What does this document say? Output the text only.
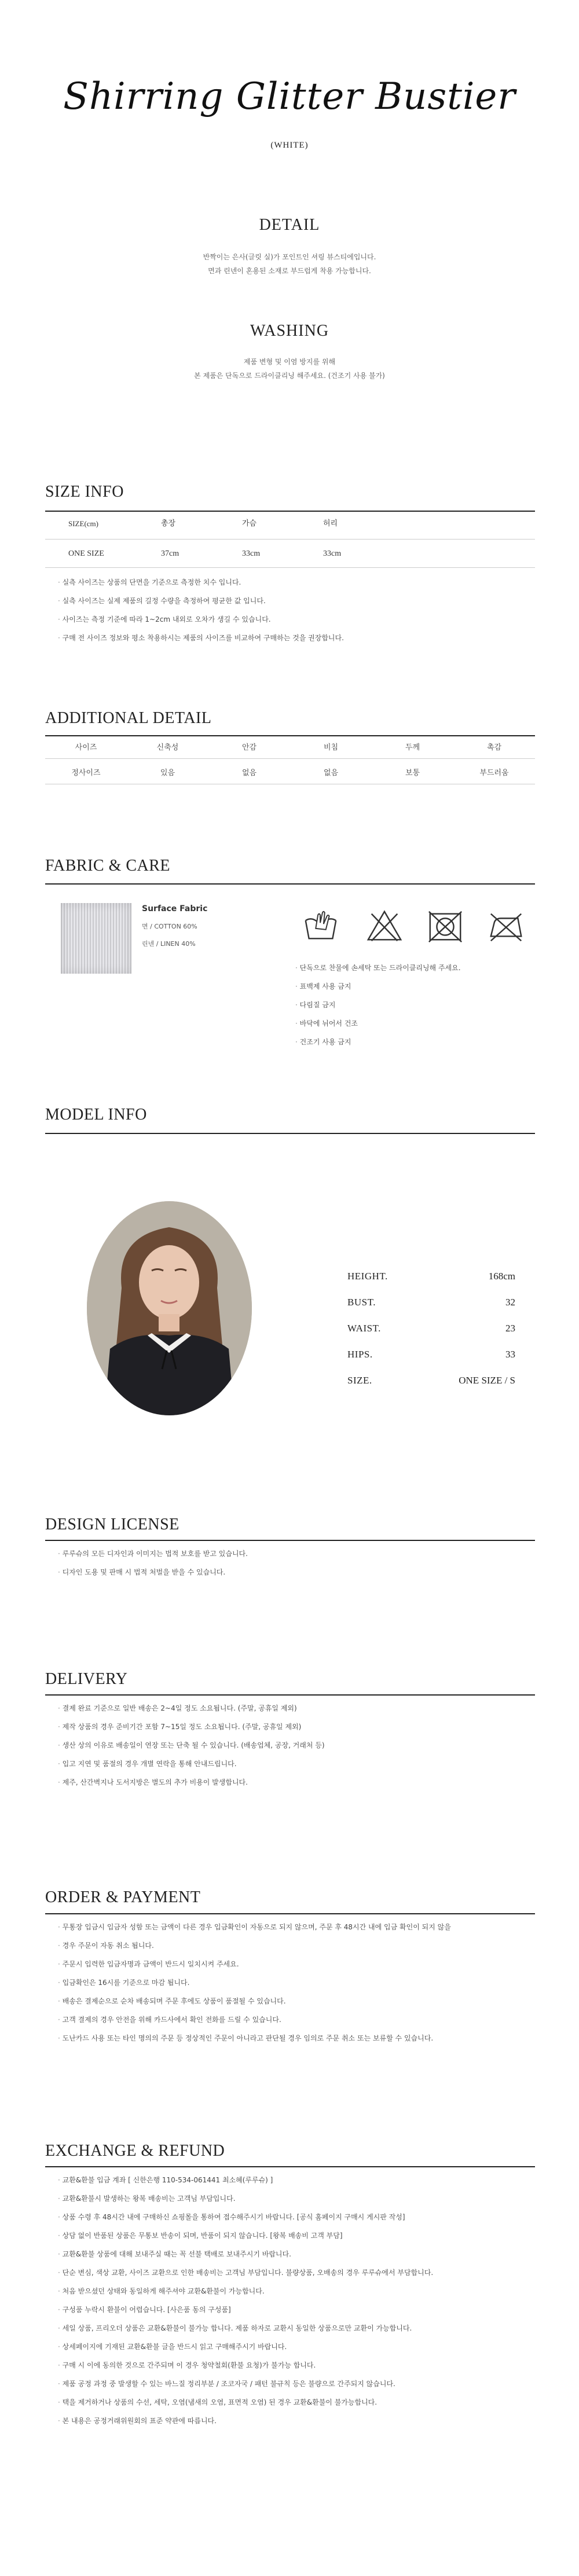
Shirring Glitter Bustier
(WHITE)
DETAIL
반짝이는 은사(글릿 실)가 포인트인 셔링 뷰스티에입니다.
면과 린넨이 혼용된 소재로 부드럽게 착용 가능합니다.
WASHING
제품 변형 및 이염 방지를 위해
본 제품은 단독으로 드라이클리닝 해주세요. (건조기 사용 불가)
SIZE INFO
SIZE(cm)	총장	가슴	허리
ONE SIZE	37cm	33cm	33cm
· 실측 사이즈는 상품의 단면을 기준으로 측정한 치수 입니다.
· 실측 사이즈는 실제 제품의 길정 수량을 측정하여 평균한 값 입니다.
· 사이즈는 측정 기준에 따라 1~2cm 내외로 오차가 생길 수 있습니다.
· 구매 전 사이즈 정보와 평소 착용하시는 제품의 사이즈를 비교하여 구매하는 것을 권장합니다.
ADDITIONAL DETAIL
사이즈	신축성	안감	비침	두께	촉감
정사이즈	있음	없음	없음	보통	부드러움
FABRIC & CARE
Surface Fabric
면 / COTTON 60%
린넨 / LINEN 40%
· 단독으로 찬물에 손세탁 또는 드라이클리닝해 주세요.
· 표백제 사용 금지
· 다림질 금지
· 바닥에 뉘어서 건조
· 건조기 사용 금지
MODEL INFO
HEIGHT.	168cm
BUST.	32
WAIST.	23
HIPS.	33
SIZE.	ONE SIZE / S
DESIGN LICENSE
· 루루슈의 모든 디자인과 이미지는 법적 보호를 받고 있습니다.
· 디자인 도용 및 판매 시 법적 처벌을 받을 수 있습니다.
DELIVERY
· 결제 완료 기준으로 일반 배송은 2~4일 정도 소요됩니다. (주말, 공휴일 제외)
· 제작 상품의 경우 준비기간 포함 7~15일 정도 소요됩니다. (주말, 공휴일 제외)
· 생산 상의 이유로 배송일이 연장 또는 단축 될 수 있습니다. (배송업체, 공장, 거래처 등)
· 입고 지연 및 품절의 경우 개별 연락을 통해 안내드립니다.
· 제주, 산간벽지나 도서지방은 별도의 추가 비용이 발생합니다.
ORDER & PAYMENT
· 무통장 입금시 입금자 성함 또는 금액이 다른 경우 입금확인이 자동으로 되지 않으며, 주문 후 48시간 내에 입금 확인이 되지 않을
· 경우 주문이 자동 취소 됩니다.
· 주문시 입력한 입금자명과 금액이 반드시 일치시켜 주세요.
· 입금확인은 16시를 기준으로 마감 됩니다.
· 배송은 결제순으로 순차 배송되며 주문 후에도 상품이 품절될 수 있습니다.
· 고객 결제의 경우 안전을 위해 카드사에서 확인 전화를 드릴 수 있습니다.
· 도난카드 사용 또는 타인 명의의 주문 등 정상적인 주문이 아니라고 판단될 경우 임의로 주문 취소 또는 보류할 수 있습니다.
EXCHANGE & REFUND
· 교환&환불 입금 계좌 [ 신한은행 110-534-061441 최소혜(루루슈) ]
· 교환&환불시 발생하는 왕복 배송비는 고객님 부담입니다.
· 상품 수령 후 48시간 내에 구매하신 쇼핑몰을 통하여 접수해주시기 바랍니다. [공식 홈페이지 구매시 게시판 작성]
· 상담 없이 반품된 상품은 무통보 반송이 되며, 반품이 되지 않습니다. [왕복 배송비 고객 부담]
· 교환&환불 상품에 대해 보내주실 때는 꼭 선불 택배로 보내주시기 바랍니다.
· 단순 변심, 색상 교환, 사이즈 교환으로 인한 배송비는 고객님 부담입니다. 불량상품, 오배송의 경우 루루슈에서 부담합니다.
· 처음 받으셨던 상태와 동일하게 해주셔야 교환&환불이 가능합니다.
· 구성품 누락시 환불이 어렵습니다. [사은품 동의 구성품]
· 세일 상품, 프리오더 상품은 교환&환불이 불가능 합니다. 제품 하자로 교환시 동일한 상품으로만 교환이 가능합니다.
· 상세페이지에 기재된 교환&환불 글을 반드시 읽고 구매해주시기 바랍니다.
· 구매 시 이에 동의한 것으로 간주되며 이 경우 청약철회(환불 요청)가 불가능 합니다.
· 제품 공정 과정 중 발생할 수 있는 바느질 정리부분 / 조코자국 / 패턴 불규칙 등은 불량으로 간주되지 않습니다.
· 택을 제거하거나 상품의 수선, 세탁, 오염(냄새의 오염, 표면적 오염) 된 경우 교환&환불이 불가능합니다.
· 본 내용은 공정거래위원회의 표준 약관에 따릅니다.
